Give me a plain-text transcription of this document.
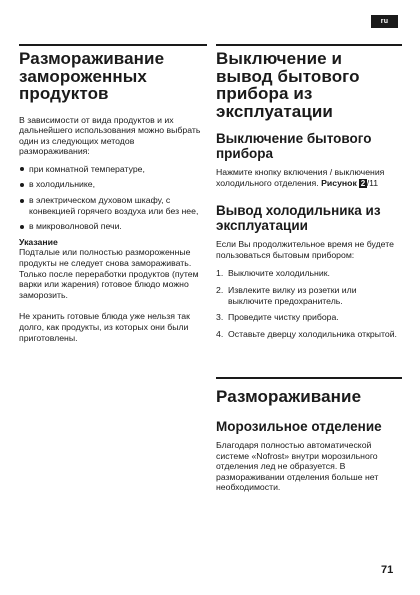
ru
Размораживание замороженных продуктов

В зависимости от вида продуктов и их дальнейшего использования можно выбрать один из следующих методов размораживания:

при комнатной температуре,
в холодильнике,
в электрическом духовом шкафу, с конвекцией горячего воздуха или без нее,
в микроволновой печи.
Указание

Подталые или полностью размороженные продукты не следует снова замораживать. Только после переработки продуктов (путем варки или жарения) готовое блюдо можно заморозить.

Не хранить готовые блюда уже нельзя так долго, как продукты, из которых они были приготовлены.

Выключение и вывод бытового прибора из эксплуатации
Выключение бытового прибора

Нажмите кнопку включения / выключения холодильного отделения. Рисунок 2 /11

Вывод холодильника из эксплуатации

Если Вы продолжительное время не будете пользоваться бытовым прибором:

1. Выключите холодильник.
2. Извлеките вилку из розетки или выключите предохранитель.
3. Проведите чистку прибора.
4. Оставьте дверцу холодильника открытой.
Размораживание
Морозильное отделение

Благодаря полностью автоматической системе «Nofrost» внутри морозильного отделения лед не образуется. В размораживании отделения больше нет необходимости.

71
